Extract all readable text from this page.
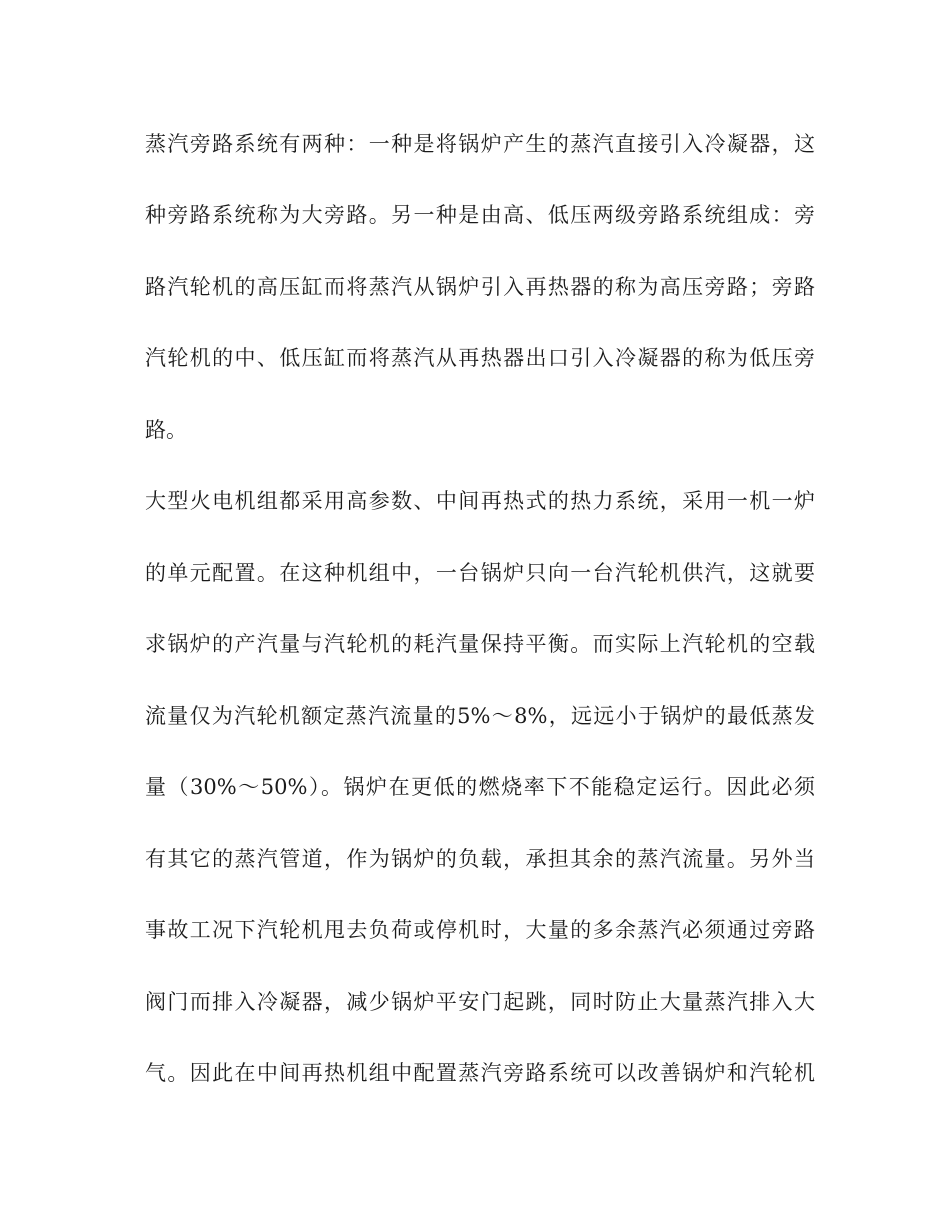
蒸汽旁路系统有两种：一种是将锅炉产生的蒸汽直接引入冷凝器，这
种旁路系统称为大旁路。另一种是由高、低压两级旁路系统组成：旁
路汽轮机的高压缸而将蒸汽从锅炉引入再热器的称为高压旁路；旁路
汽轮机的中、低压缸而将蒸汽从再热器出口引入冷凝器的称为低压旁
路。
大型火电机组都采用高参数、中间再热式的热力系统，采用一机一炉
的单元配置。在这种机组中，一台锅炉只向一台汽轮机供汽，这就要
求锅炉的产汽量与汽轮机的耗汽量保持平衡。而实际上汽轮机的空载
流量仅为汽轮机额定蒸汽流量的5%～8%，远远小于锅炉的最低蒸发
量（30%～50%）。锅炉在更低的燃烧率下不能稳定运行。因此必须
有其它的蒸汽管道，作为锅炉的负载，承担其余的蒸汽流量。另外当
事故工况下汽轮机甩去负荷或停机时，大量的多余蒸汽必须通过旁路
阀门而排入冷凝器，减少锅炉平安门起跳，同时防止大量蒸汽排入大
气。因此在中间再热机组中配置蒸汽旁路系统可以改善锅炉和汽轮机
